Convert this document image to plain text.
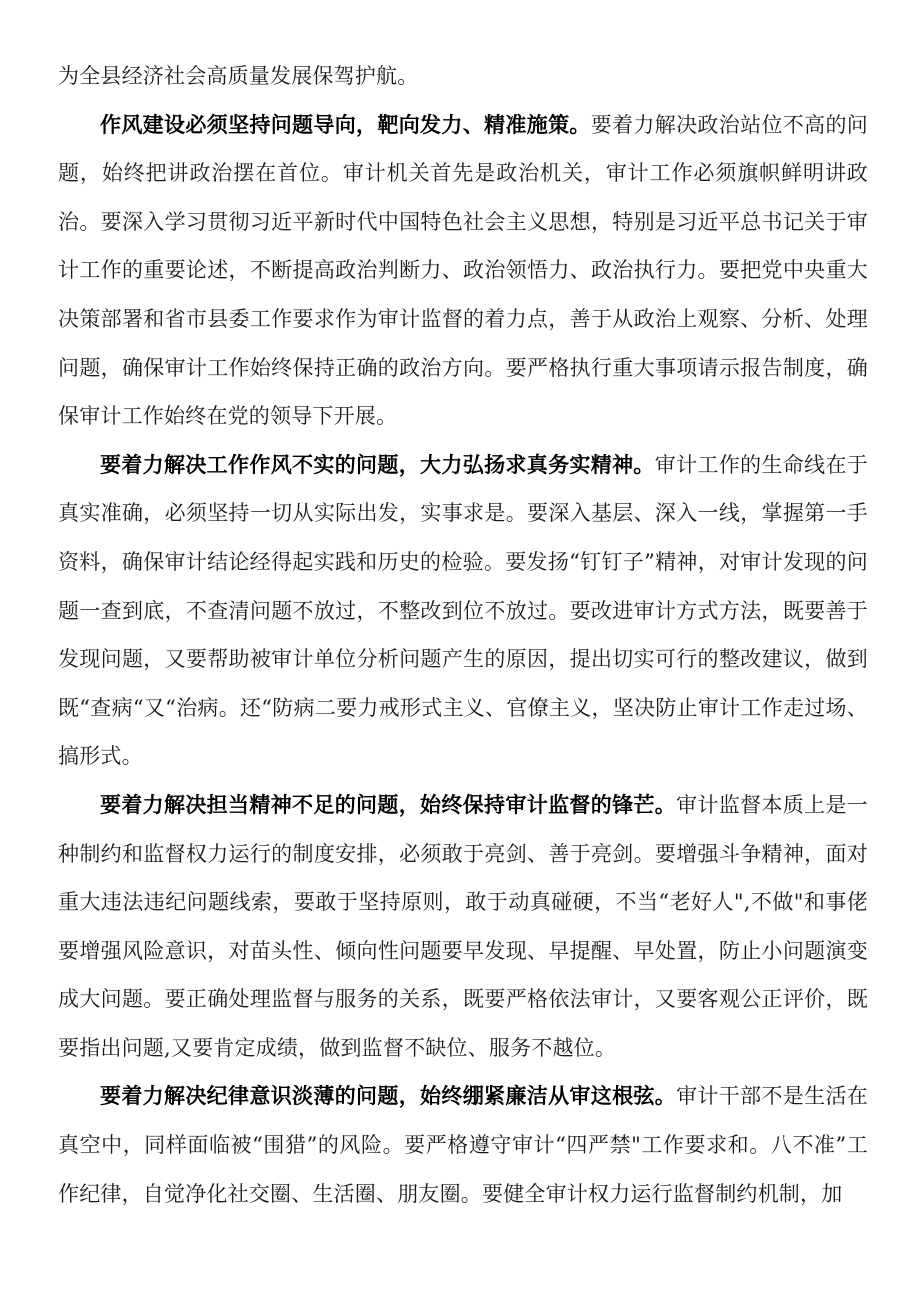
为全县经济社会高质量发展保驾护航。

作风建设必须坚持问题导向，靶向发力、精准施策。要着力解决政治站位不高的问题，始终把讲政治摆在首位。审计机关首先是政治机关，审计工作必须旗帜鲜明讲政治。要深入学习贯彻习近平新时代中国特色社会主义思想，特别是习近平总书记关于审计工作的重要论述，不断提高政治判断力、政治领悟力、政治执行力。要把党中央重大决策部署和省市县委工作要求作为审计监督的着力点，善于从政治上观察、分析、处理问题，确保审计工作始终保持正确的政治方向。要严格执行重大事项请示报告制度，确保审计工作始终在党的领导下开展。

要着力解决工作作风不实的问题，大力弘扬求真务实精神。审计工作的生命线在于真实准确，必须坚持一切从实际出发，实事求是。要深入基层、深入一线，掌握第一手资料，确保审计结论经得起实践和历史的检验。要发扬“钉钉子”精神，对审计发现的问题一查到底，不查清问题不放过，不整改到位不放过。要改进审计方式方法，既要善于发现问题，又要帮助被审计单位分析问题产生的原因，提出切实可行的整改建议，做到既“查病“又“治病。还“防病二要力戒形式主义、官僚主义，坚决防止审计工作走过场、搞形式。

要着力解决担当精神不足的问题，始终保持审计监督的锋芒。审计监督本质上是一种制约和监督权力运行的制度安排，必须敢于亮剑、善于亮剑。要增强斗争精神，面对重大违法违纪问题线索，要敢于坚持原则，敢于动真碰硬，不当“老好人",不做"和事佬要增强风险意识，对苗头性、倾向性问题要早发现、早提醒、早处置，防止小问题演变成大问题。要正确处理监督与服务的关系，既要严格依法审计，又要客观公正评价，既要指出问题,又要肯定成绩，做到监督不缺位、服务不越位。

要着力解决纪律意识淡薄的问题，始终绷紧廉洁从审这根弦。审计干部不是生活在真空中，同样面临被“围猎”的风险。要严格遵守审计“四严禁"工作要求和。八不准”工作纪律，自觉净化社交圈、生活圈、朋友圈。要健全审计权力运行监督制约机制，加
